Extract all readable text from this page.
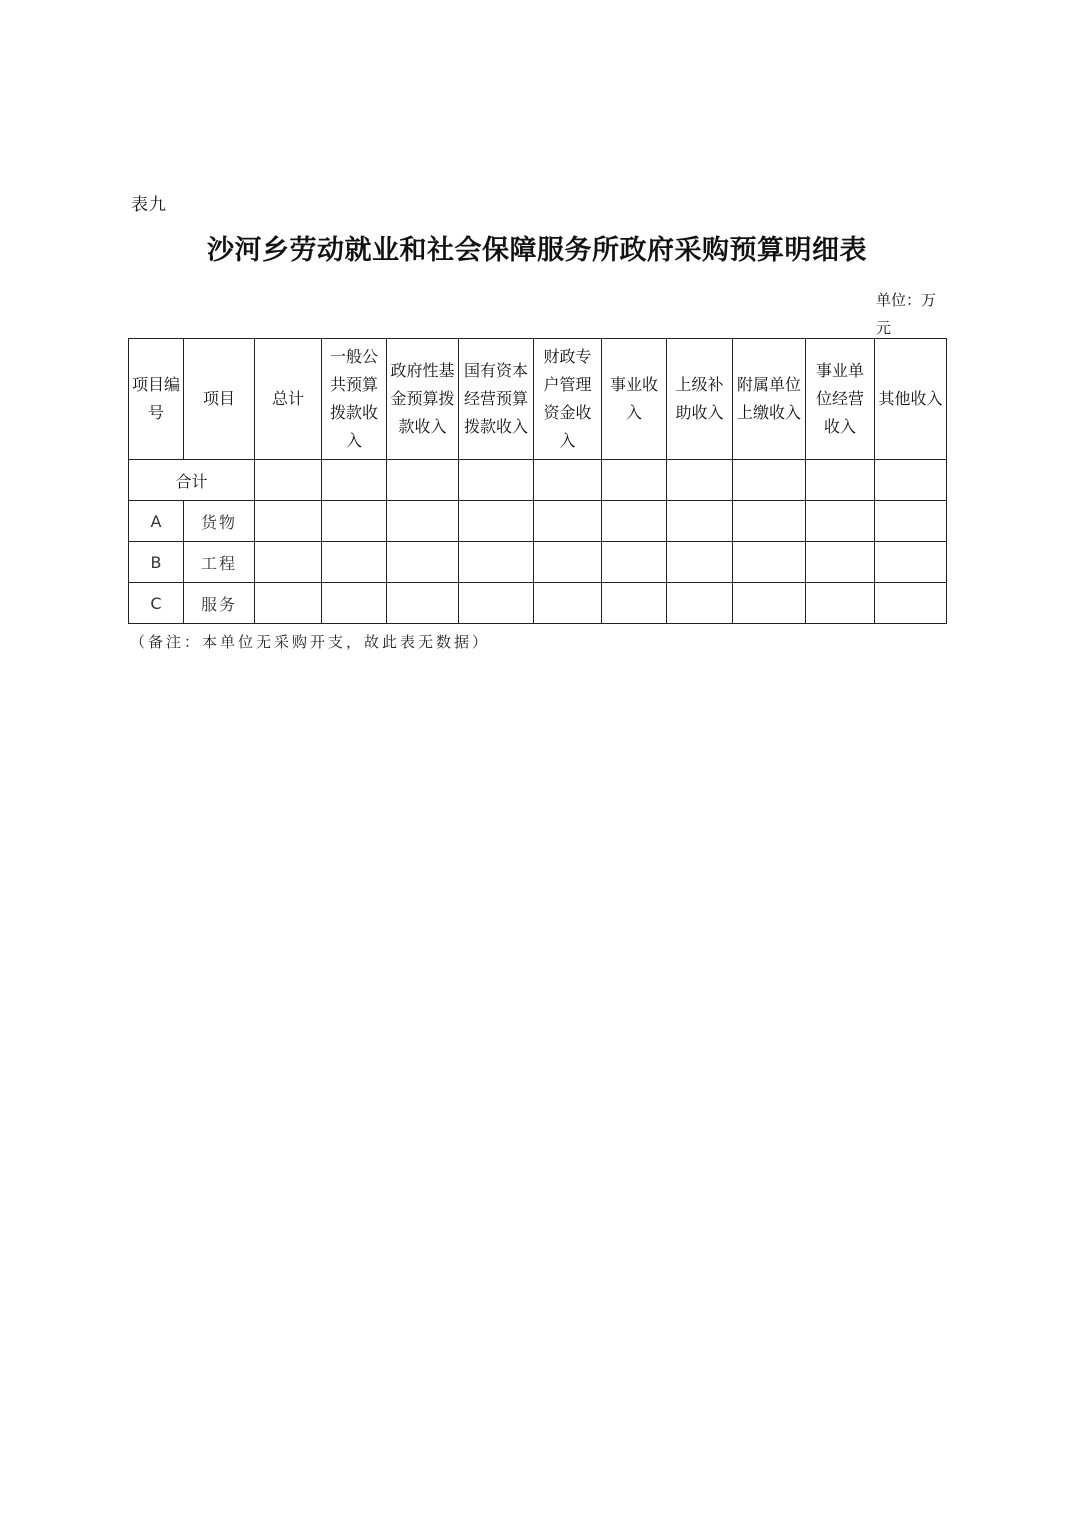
表九
沙河乡劳动就业和社会保障服务所政府采购预算明细表
单位：万元
项目编号	项目	总计	一般公共预算拨款收入	政府性基金预算拨款收入	国有资本经营预算拨款收入	财政专户管理资金收入	事业收入	上级补助收入	附属单位上缴收入	事业单位经营收入	其他收入
合计											
A	货物										
B	工程										
C	服务										
（备注：本单位无采购开支，故此表无数据）
